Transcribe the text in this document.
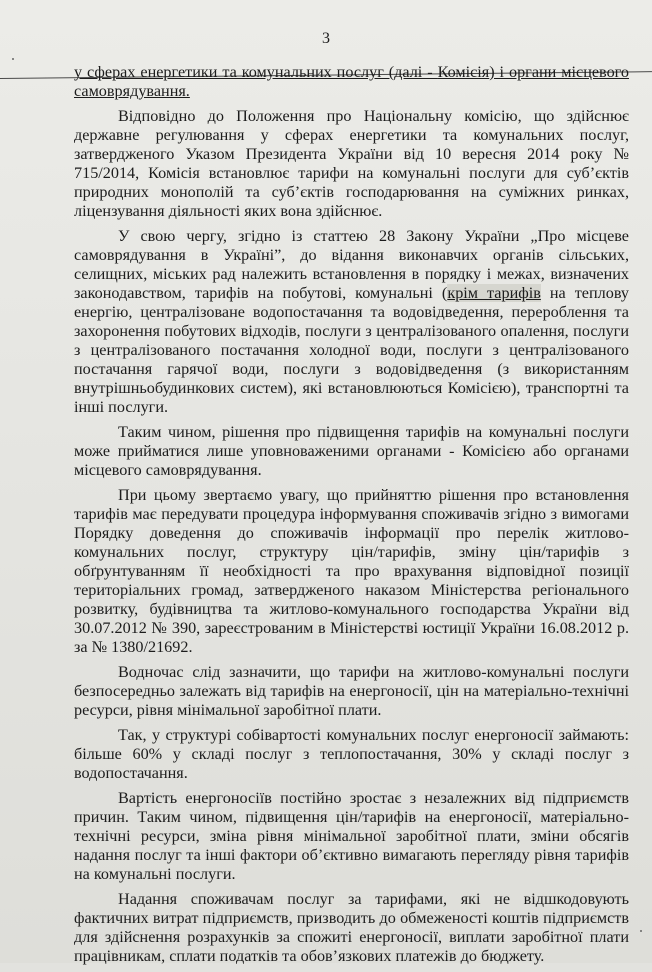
3

у сферах енергетики та комунальних послуг (далі - Комісія) і органи місцевого самоврядування.

Відповідно до Положення про Національну комісію, що здійснює державне регулювання у сферах енергетики та комунальних послуг, затвердженого Указом Президента України від 10 вересня 2014 року № 715/2014, Комісія встановлює тарифи на комунальні послуги для суб’єктів природних монополій та суб’єктів господарювання на суміжних ринках, ліцензування діяльності яких вона здійснює.

У свою чергу, згідно із статтею 28 Закону України „Про місцеве самоврядування в Україні”, до відання виконавчих органів сільських, селищних, міських рад належить встановлення в порядку і межах, визначених законодавством, тарифів на побутові, комунальні (крім тарифів на теплову енергію, централізоване водопостачання та водовідведення, перероблення та захоронення побутових відходів, послуги з централізованого опалення, послуги з централізованого постачання холодної води, послуги з централізованого постачання гарячої води, послуги з водовідведення (з використанням внутрішньобудинкових систем), які встановлюються Комісією), транспортні та інші послуги.

Таким чином, рішення про підвищення тарифів на комунальні послуги може прийматися лише уповноваженими органами - Комісією або органами місцевого самоврядування.

При цьому звертаємо увагу, що прийняттю рішення про встановлення тарифів має передувати процедура інформування споживачів згідно з вимогами Порядку доведення до споживачів інформації про перелік житлово-комунальних послуг, структуру цін/тарифів, зміну цін/тарифів з обґрунтуванням її необхідності та про врахування відповідної позиції територіальних громад, затвердженого наказом Міністерства регіонального розвитку, будівництва та житлово-комунального господарства України від 30.07.2012 № 390, зареєстрованим в Міністерстві юстиції України 16.08.2012 р. за № 1380/21692.

Водночас слід зазначити, що тарифи на житлово-комунальні послуги безпосередньо залежать від тарифів на енергоносії, цін на матеріально-технічні ресурси, рівня мінімальної заробітної плати.

Так, у структурі собівартості комунальних послуг енергоносії займають: більше 60% у складі послуг з теплопостачання, 30% у складі послуг з водопостачання.

Вартість енергоносіїв постійно зростає з незалежних від підприємств причин. Таким чином, підвищення цін/тарифів на енергоносії, матеріально-технічні ресурси, зміна рівня мінімальної заробітної плати, зміни обсягів надання послуг та інші фактори об’єктивно вимагають перегляду рівня тарифів на комунальні послуги.

Надання споживачам послуг за тарифами, які не відшкодовують фактичних витрат підприємств, призводить до обмеженості коштів підприємств для здійснення розрахунків за спожиті енергоносії, виплати заробітної плати працівникам, сплати податків та обов’язкових платежів до бюджету.
